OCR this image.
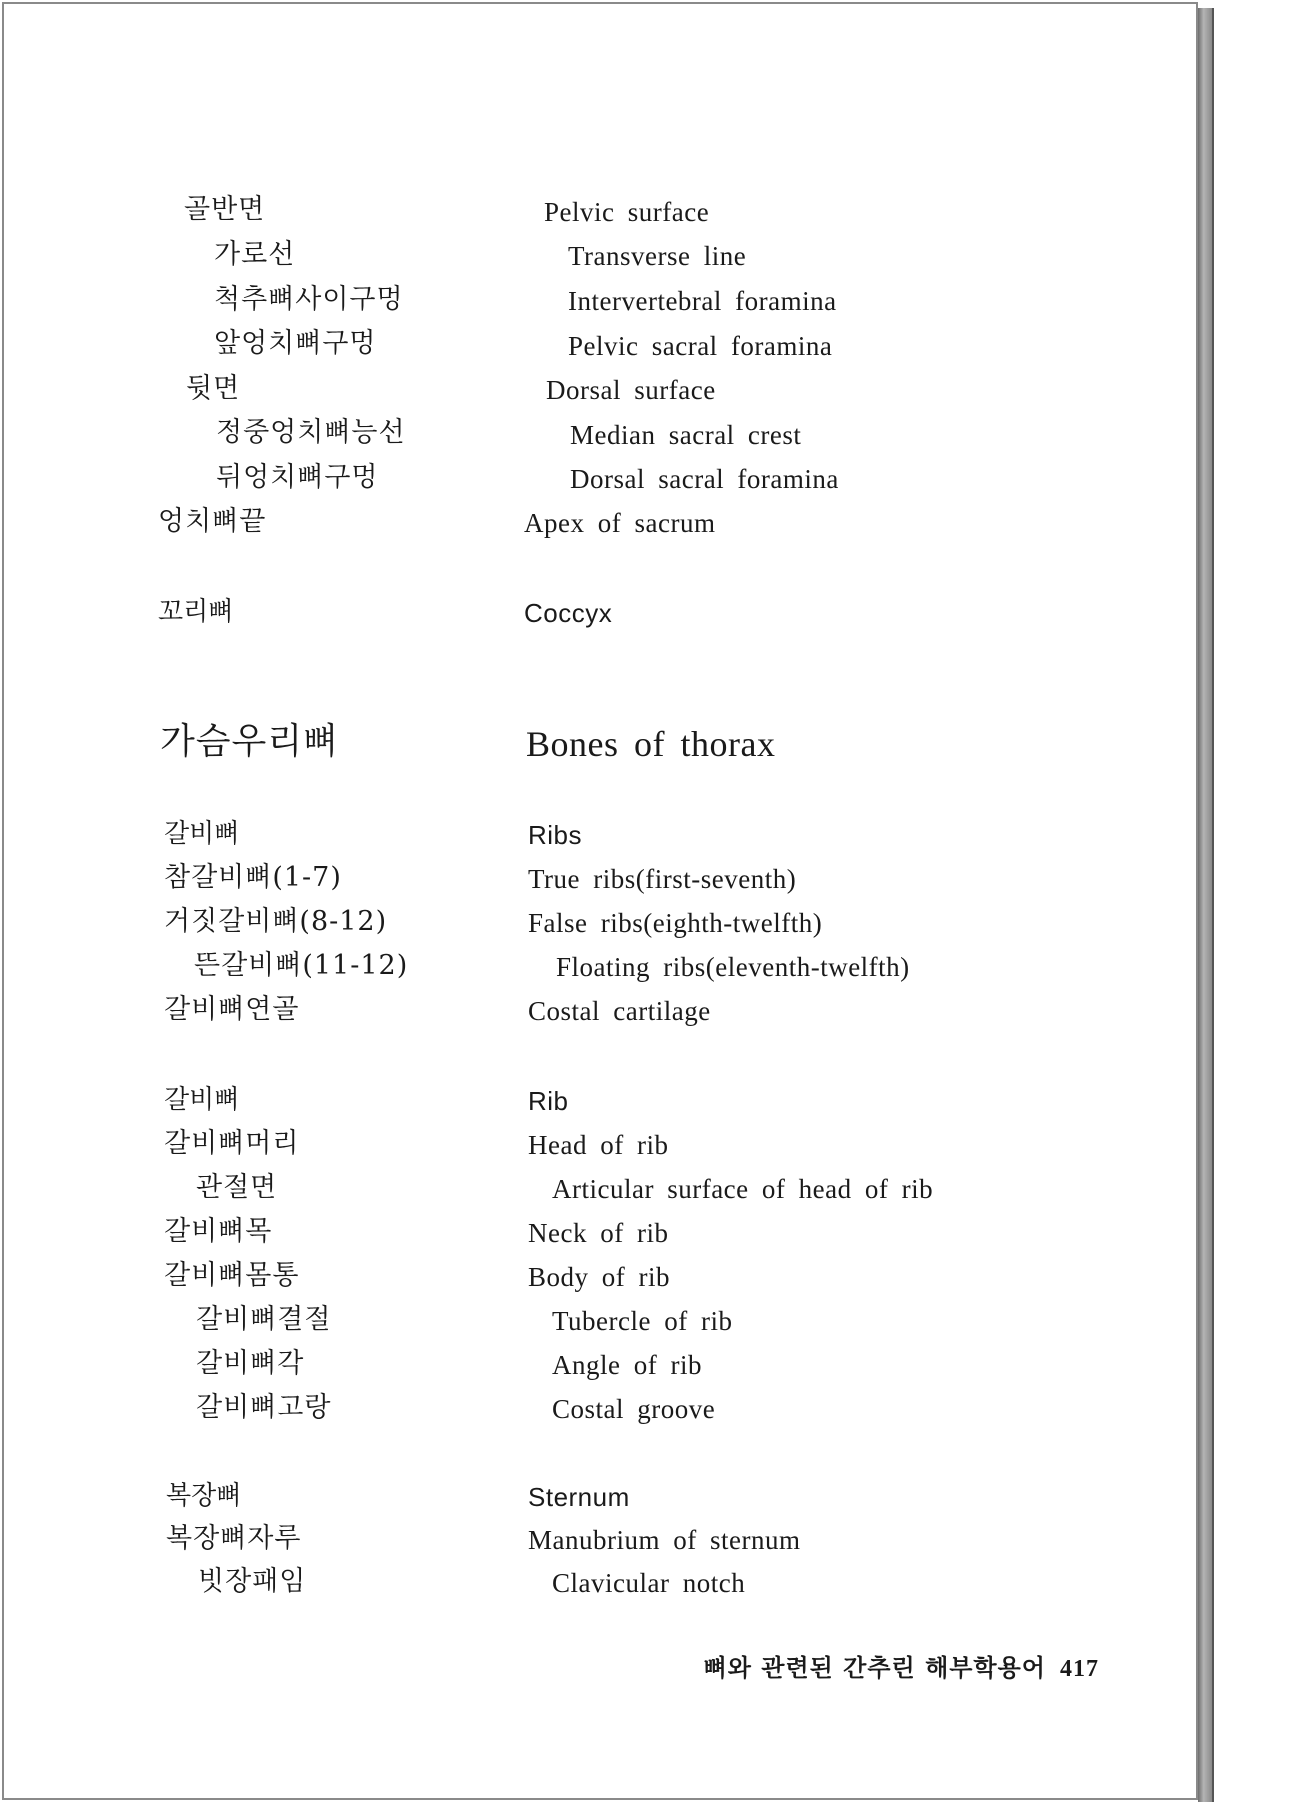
골반면	Pelvic surface
가로선	Transverse line
척추뼈사이구멍	Intervertebral foramina
앞엉치뼈구멍	Pelvic sacral foramina
뒷면	Dorsal surface
정중엉치뼈능선	Median sacral crest
뒤엉치뼈구멍	Dorsal sacral foramina
엉치뼈끝	Apex of sacrum
꼬리뼈	Coccyx
가슴우리뼈	Bones of thorax
갈비뼈	Ribs
참갈비뼈(1-7)	True ribs(first-seventh)
거짓갈비뼈(8-12)	False ribs(eighth-twelfth)
뜬갈비뼈(11-12)	Floating ribs(eleventh-twelfth)
갈비뼈연골	Costal cartilage
갈비뼈	Rib
갈비뼈머리	Head of rib
관절면	Articular surface of head of rib
갈비뼈목	Neck of rib
갈비뼈몸통	Body of rib
갈비뼈결절	Tubercle of rib
갈비뼈각	Angle of rib
갈비뼈고랑	Costal groove
복장뼈	Sternum
복장뼈자루	Manubrium of sternum
빗장패임	Clavicular notch
뼈와 관련된 간추린 해부학용어 417
